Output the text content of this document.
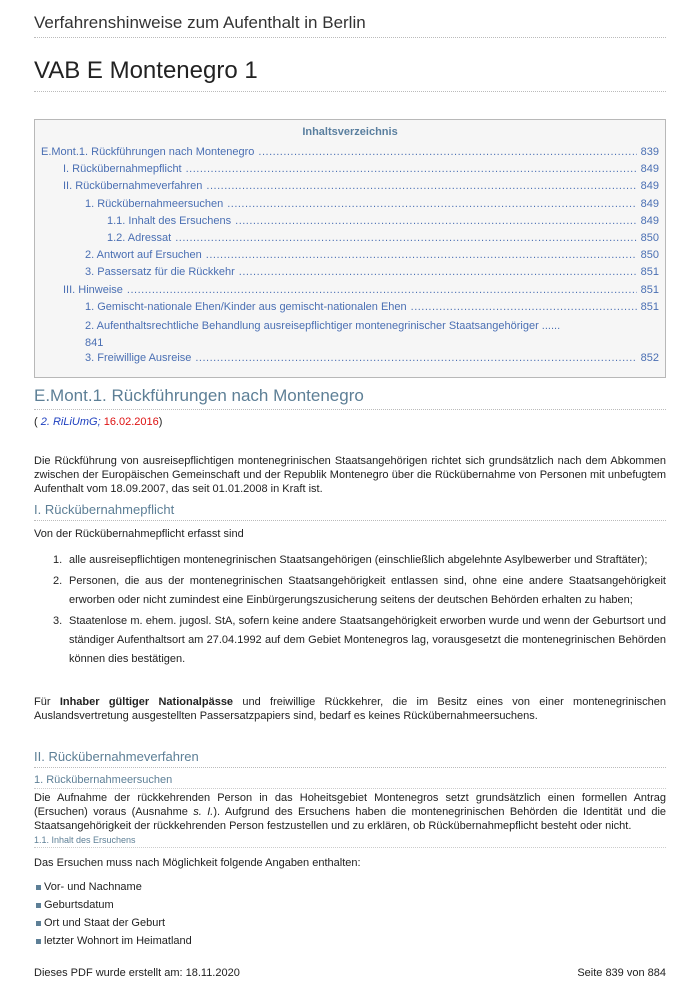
Verfahrenshinweise zum Aufenthalt in Berlin
VAB E Montenegro 1
Inhaltsverzeichnis
E.Mont.1. Rückführungen nach Montenegro .....	839
I. Rückübernahmepflicht .....	849
II. Rückübernahmeverfahren .....	849
1. Rückübernahmeersuchen .....	849
1.1. Inhalt des Ersuchens .....	849
1.2. Adressat .....	850
2. Antwort auf Ersuchen .....	850
3. Passersatz für die Rückkehr .....	851
III. Hinweise .....	851
1. Gemischt-nationale Ehen/Kinder aus gemischt-nationalen Ehen .....	851
2. Aufenthaltsrechtliche Behandlung ausreisepflichtiger montenegrinischer Staatsangehöriger ......
841
3. Freiwillige Ausreise .....	852
E.Mont.1. Rückführungen nach Montenegro
( 2. RiLiUmG; 16.02.2016)

Die Rückführung von ausreisepflichtigen montenegrinischen Staatsangehörigen richtet sich grundsätzlich nach dem Abkommen zwischen der Europäischen Gemeinschaft und der Republik Montenegro über die Rückübernahme von Personen mit unbefugtem Aufenthalt vom 18.09.2007, das seit 01.01.2008 in Kraft ist.

I. Rückübernahmepflicht

Von der Rückübernahmepflicht erfasst sind

1. alle ausreisepflichtigen montenegrinischen Staatsangehörigen (einschließlich abgelehnte Asylbewerber und Straftäter);
2. Personen, die aus der montenegrinischen Staatsangehörigkeit entlassen sind, ohne eine andere Staatsangehörigkeit erworben oder nicht zumindest eine Einbürgerungszusicherung seitens der deutschen Behörden erhalten zu haben;
3. Staatenlose m. ehem. jugosl. StA, sofern keine andere Staatsangehörigkeit erworben wurde und wenn der Geburtsort und ständiger Aufenthaltsort am 27.04.1992 auf dem Gebiet Montenegros lag, vorausgesetzt die montenegrinischen Behörden können dies bestätigen.

Für Inhaber gültiger Nationalpässe und freiwillige Rückkehrer, die im Besitz eines von einer montenegrinischen Auslandsvertretung ausgestellten Passersatzpapiers sind, bedarf es keines Rückübernahmeersuchens.

II. Rückübernahmeverfahren
1. Rückübernahmeersuchen

Die Aufnahme der rückkehrenden Person in das Hoheitsgebiet Montenegros setzt grundsätzlich einen formellen Antrag (Ersuchen) voraus (Ausnahme s. I.). Aufgrund des Ersuchens haben die montenegrinischen Behörden die Identität und die Staatsangehörigkeit der rückkehrenden Person festzustellen und zu erklären, ob Rückübernahmepflicht besteht oder nicht.

1.1. Inhalt des Ersuchens

Das Ersuchen muss nach Möglichkeit folgende Angaben enthalten:

Vor- und Nachname
Geburtsdatum
Ort und Staat der Geburt
letzter Wohnort im Heimatland
Dieses PDF wurde erstellt am: 18.11.2020	Seite 839 von 884
